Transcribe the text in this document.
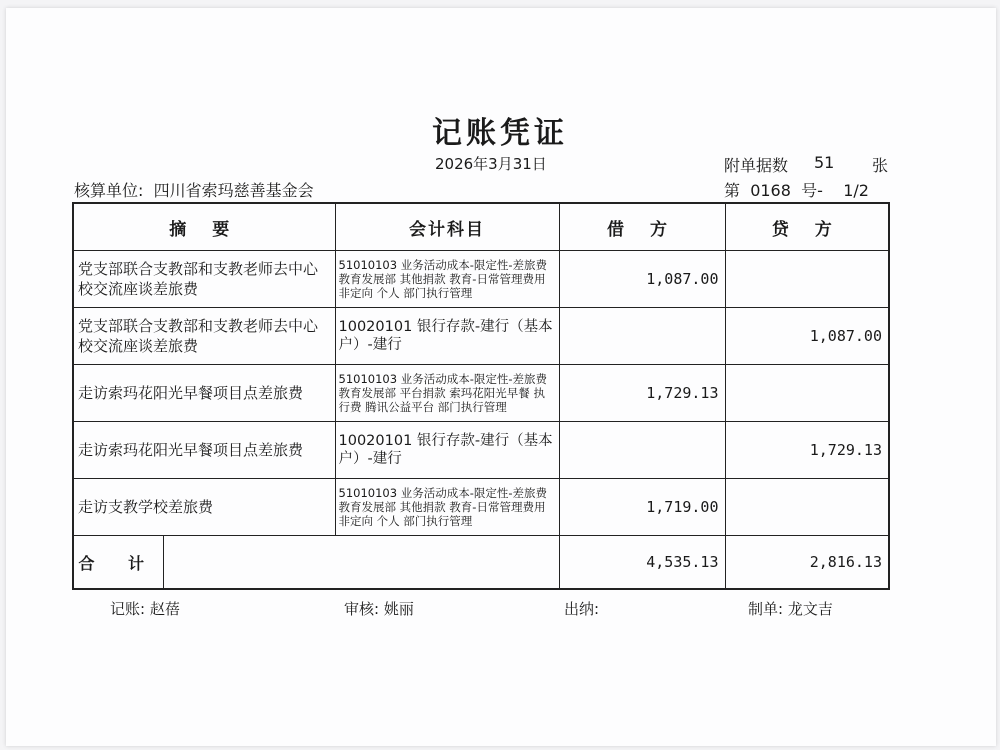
记账凭证
2026年3月31日	附单据数 51	张
核算单位: 四川省索玛慈善基金会	第 0168 号- 1/2
摘 要		会计科目	借 方	贷 方
党支部联合支教部和支教老师去中心校交流座谈差旅费		51010103 业务活动成本-限定性-差旅费 教育发展部 其他捐款 教育-日常管理费用 非定向 个人 部门执行管理	1,087.00	
党支部联合支教部和支教老师去中心校交流座谈差旅费		10020101 银行存款-建行（基本户）-建行		1,087.00
走访索玛花阳光早餐项目点差旅费		51010103 业务活动成本-限定性-差旅费 教育发展部 平台捐款 索玛花阳光早餐 执行费 腾讯公益平台 部门执行管理	1,729.13	
走访索玛花阳光早餐项目点差旅费		10020101 银行存款-建行（基本户）-建行		1,729.13
走访支教学校差旅费		51010103 业务活动成本-限定性-差旅费 教育发展部 其他捐款 教育-日常管理费用 非定向 个人 部门执行管理	1,719.00	
合 计			4,535.13	2,816.13
记账: 赵蓓	审核: 姚丽	出纳:	制单: 龙文吉
